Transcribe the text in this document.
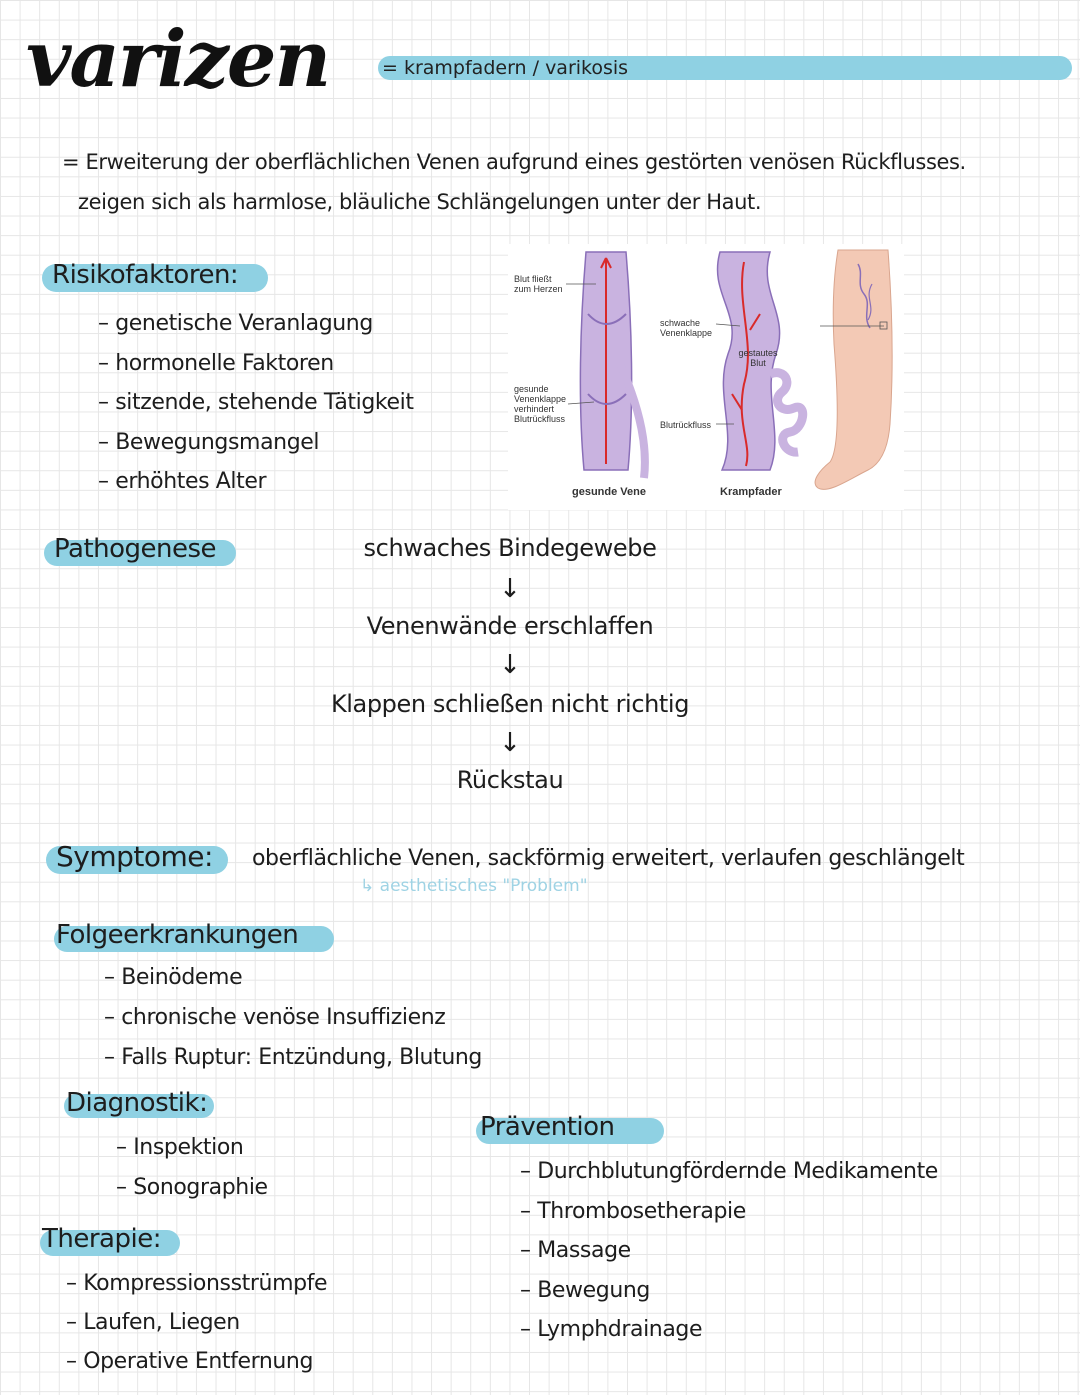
varizen	= krampfadern / varikosis
= Erweiterung der oberflächlichen Venen aufgrund eines gestörten venösen Rückflusses.
zeigen sich als harmlose, bläuliche Schlängelungen unter der Haut.
Risikofaktoren:
– genetische Veranlagung
– hormonelle Faktoren
– sitzende, stehende Tätigkeit
– Bewegungsmangel
– erhöhtes Alter
Blut fließt zum Herzen
gesunde Venenklappe verhindert Blutrückfluss
schwache Venenklappe
gestautes Blut
Blutrückfluss
gesunde Vene	Krampfader
Pathogenese	schwaches Bindegewebe
↓
Venenwände erschlaffen
↓
Klappen schließen nicht richtig
↓
Rückstau
Symptome: oberflächliche Venen, sackförmig erweitert, verlaufen geschlängelt
↳ aesthetisches "Problem"
Folgeerkrankungen
– Beinödeme
– chronische venöse Insuffizienz
– Falls Ruptur: Entzündung, Blutung
Diagnostik:
– Inspektion
– Sonographie
Prävention
– Durchblutungfördernde Medikamente
– Thrombosetherapie
– Massage
– Bewegung
– Lymphdrainage
Therapie:
– Kompressionsstrümpfe
– Laufen, Liegen
– Operative Entfernung
